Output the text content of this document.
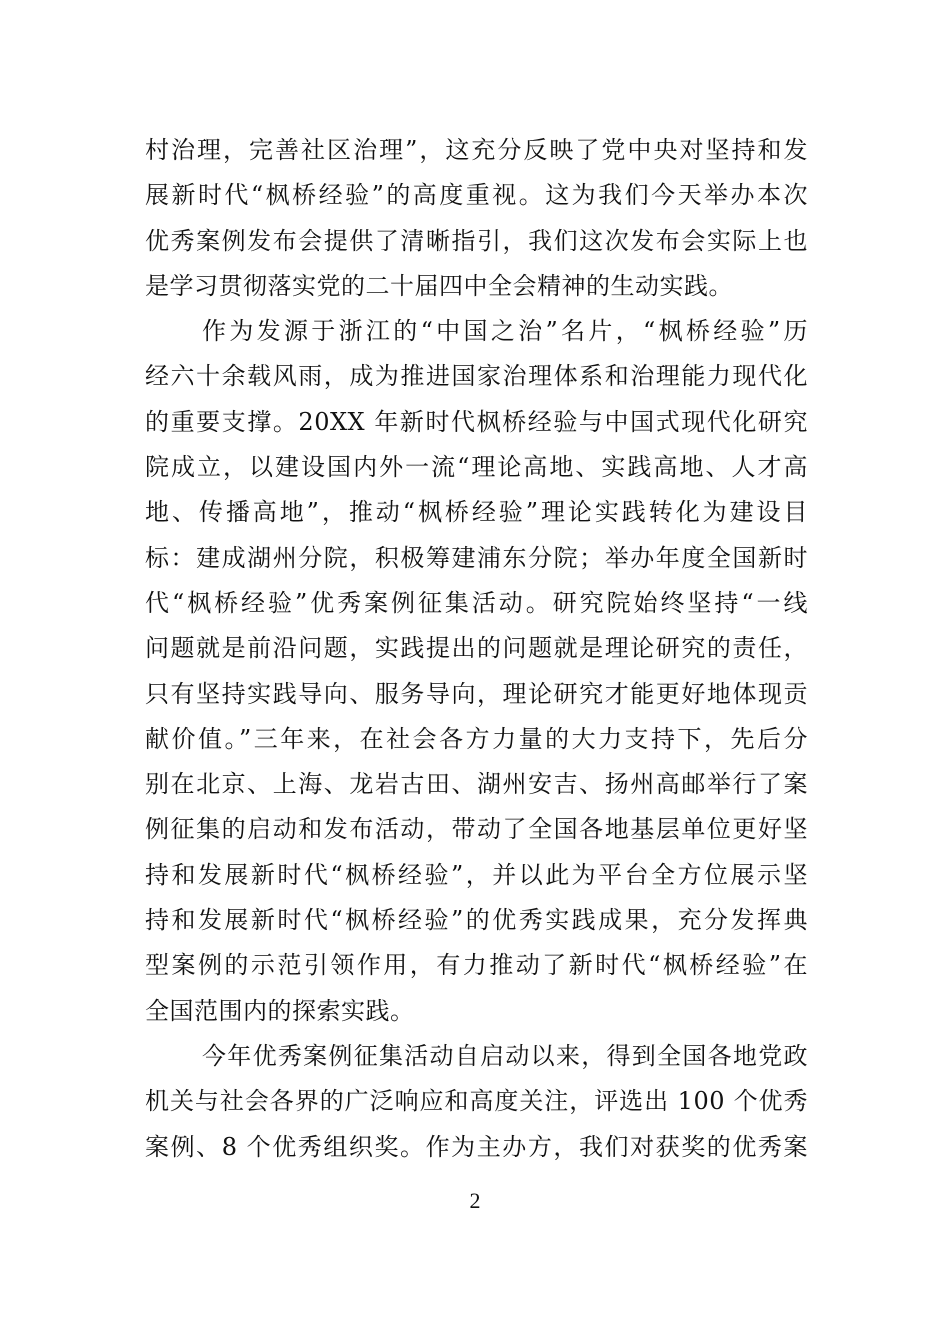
村治理，完善社区治理”，这充分反映了党中央对坚持和发
展新时代“枫桥经验”的高度重视。这为我们今天举办本次
优秀案例发布会提供了清晰指引，我们这次发布会实际上也
是学习贯彻落实党的二十届四中全会精神的生动实践。
作为发源于浙江的“中国之治”名片，“枫桥经验”历
经六十余载风雨，成为推进国家治理体系和治理能力现代化
的重要支撑。20XX 年新时代枫桥经验与中国式现代化研究
院成立，以建设国内外一流“理论高地、实践高地、人才高
地、传播高地”，推动“枫桥经验”理论实践转化为建设目
标：建成湖州分院，积极筹建浦东分院；举办年度全国新时
代“枫桥经验”优秀案例征集活动。研究院始终坚持“一线
问题就是前沿问题，实践提出的问题就是理论研究的责任，
只有坚持实践导向、服务导向，理论研究才能更好地体现贡
献价值。”三年来，在社会各方力量的大力支持下，先后分
别在北京、上海、龙岩古田、湖州安吉、扬州高邮举行了案
例征集的启动和发布活动，带动了全国各地基层单位更好坚
持和发展新时代“枫桥经验”，并以此为平台全方位展示坚
持和发展新时代“枫桥经验”的优秀实践成果，充分发挥典
型案例的示范引领作用，有力推动了新时代“枫桥经验”在
全国范围内的探索实践。
今年优秀案例征集活动自启动以来，得到全国各地党政
机关与社会各界的广泛响应和高度关注，评选出 100 个优秀
案例、8 个优秀组织奖。作为主办方，我们对获奖的优秀案
2
